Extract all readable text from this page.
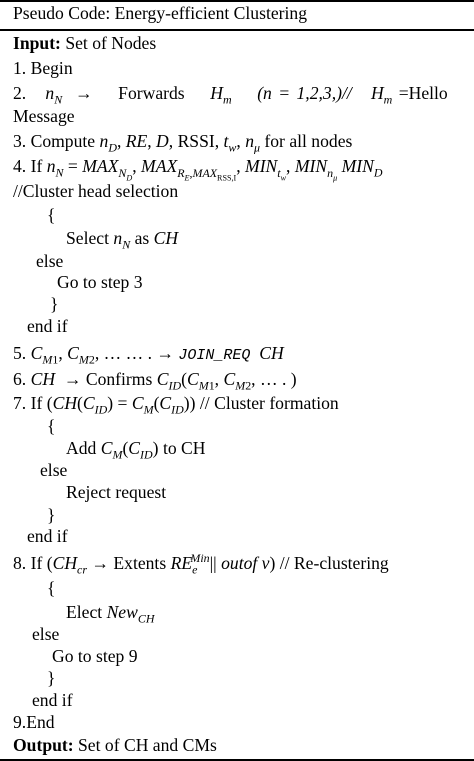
Pseudo Code: Energy-efficient Clustering
Input: Set of Nodes
1. Begin
2. $n_N$  →    Forwards $H_m$ (n = 1,2,3,)// $H_m$ =Hello
Message
3. Compute $n_D$, RE, D, RSSI, $t_w$, $n_\mu$ for all nodes
4. If $n_N = MAX_{N_D}$, $MAX_{R_E,MAX_{RSS,I}}$, $MIN_{t_w}$, $MIN_{n_\mu}$ $MIN_D$
//Cluster head selection
{
Select $n_N$ as CH
else
Go to step 3
}
end if
5. $C_{M1}$, $C_{M2}$, … … . → JOIN_REQ CH
6. CH → Confirms $C_{ID}(C_{M1}$, $C_{M2}$, … . )
7. If $(CH(C_{ID}) = C_M(C_{ID}))$ // Cluster formation
{
Add $C_M(C_{ID})$ to CH
else
Reject request
}
end if
8. If ($CH_{cr}$ → Extents $RE_e^{Min}||$ outof v) // Re-clustering
{
Elect New$_{CH}$
else
Go to step 9
}
end if
9.End
Output: Set of CH and CMs
